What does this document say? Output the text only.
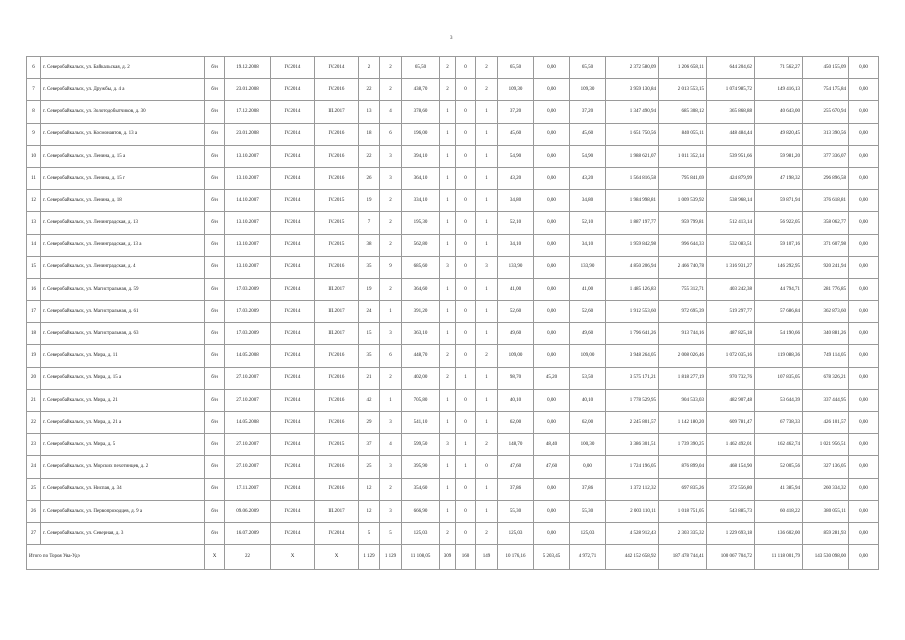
3
6	г. Северобайкальск, ул. Байкальская, д. 2	б/н	19.12.2008	IV.2014	IV.2014	2	2	65,50	2	0	2	65,50	0,00	65,50	2 372 580,09	1 206 658,11	644 204,62	71 562,27	450 155,09	0,00
7	г. Северобайкальск, ул. Дружбы, д. 4 а	б/н	23.01.2008	IV.2014	IV.2016	22	2	438,70	2	0	2	109,30	0,00	109,30	3 959 130,84	2 013 553,15	1 074 985,72	149 416,13	754 175,84	0,00
8	г. Северобайкальск, ул. Золотодобытчиков, д. 30	б/н	17.12.2008	IV.2014	III.2017	13	4	378,60	1	0	1	37,20	0,00	37,20	1 347 490,94	685 308,12	365 868,88	40 643,00	255 670,94	0,00
9	г. Северобайкальск, ул. Космонавтов, д. 13 а	б/н	23.01.2008	IV.2014	IV.2016	18	6	196,00	1	0	1	45,60	0,00	45,60	1 651 750,56	840 055,11	448 484,44	49 820,45	313 390,56	0,00
10	г. Северобайкальск, ул. Ленина, д. 15 а	б/н	13.10.2007	IV.2014	IV.2016	22	3	394,10	1	0	1	54,90	0,00	54,90	1 988 621,07	1 011 352,14	539 951,66	59 981,20	377 336,07	0,00
11	г. Северобайкальск, ул. Ленина, д. 15 г	б/н	13.10.2007	IV.2014	IV.2016	26	3	364,10	1	0	1	43,20	0,00	43,20	1 564 816,58	795 841,69	424 879,99	47 198,32	296 896,58	0,00
12	г. Северобайкальск, ул. Ленина, д. 18	б/н	14.10.2007	IV.2014	IV.2015	19	2	334,10	1	0	1	34,80	0,00	34,80	1 984 998,81	1 009 539,92	538 968,14	59 871,94	376 618,81	0,00
13	г. Северобайкальск, ул. Ленинградская, д. 13	б/н	13.10.2007	IV.2014	IV.2015	7	2	195,30	1	0	1	52,10	0,00	52,10	1 887 197,77	959 799,81	512 413,14	56 922,05	358 062,77	0,00
14	г. Северобайкальск, ул. Ленинградская, д. 13 а	б/н	13.10.2007	IV.2014	IV.2015	38	2	562,80	1	0	1	34,10	0,00	34,10	1 959 842,98	996 644,33	532 083,51	59 107,16	371 607,98	0,00
15	г. Северобайкальск, ул. Ленинградская, д. 4	б/н	13.10.2007	IV.2014	IV.2016	35	9	685,60	3	0	3	133,90	0,00	133,90	4 850 206,94	2 466 740,78	1 316 931,27	146 292,95	920 241,94	0,00
16	г. Северобайкальск, ул. Магистральная, д. 59	б/н	17.03.2009	IV.2014	III.2017	19	2	364,60	1	0	1	41,00	0,00	41,00	1 485 126,83	755 312,71	403 242,38	44 794,71	281 776,85	0,00
17	г. Северобайкальск, ул. Магистральная, д. 61	б/н	17.03.2009	IV.2014	III.2017	24	1	391,20	1	0	1	52,60	0,00	52,60	1 912 553,60	972 695,39	519 297,77	57 686,84	362 873,60	0,00
18	г. Северобайкальск, ул. Магистральная, д. 63	б/н	17.03.2009	IV.2014	III.2017	15	3	363,10	1	0	1	49,60	0,00	49,60	1 796 641,26	913 744,16	487 825,18	54 190,66	340 881,26	0,00
19	г. Северобайкальск, ул. Мира, д. 11	б/н	14.05.2008	IV.2014	IV.2016	35	6	448,70	2	0	2	109,00	0,00	109,00	3 948 264,05	2 008 026,46	1 072 035,16	119 088,36	749 114,05	0,00
20	г. Северобайкальск, ул. Мира, д. 15 а	б/н	27.10.2007	IV.2014	IV.2016	21	2	402,00	2	1	1	98,70	45,20	53,50	3 575 171,21	1 818 277,19	970 732,76	107 835,05	678 326,21	0,00
21	г. Северобайкальск, ул. Мира, д. 21	б/н	27.10.2007	IV.2014	IV.2016	42	1	705,80	1	0	1	40,10	0,00	40,10	1 778 529,95	904 533,03	482 907,48	53 644,39	337 444,95	0,00
22	г. Северобайкальск, ул. Мира, д. 21 а	б/н	14.05.2008	IV.2014	IV.2016	29	3	541,10	1	0	1	62,00	0,00	62,00	2 245 801,57	1 142 180,20	609 781,47	67 738,33	426 101,57	0,00
23	г. Северобайкальск, ул. Мира, д. 5	б/н	27.10.2007	IV.2014	IV.2015	37	4	599,50	3	1	2	148,70	48,40	100,30	3 386 301,51	1 739 390,25	1 462 492,01	162 462,74	1 021 956,51	0,00
24	г. Северобайкальск, ул. Морских пехотинцев, д. 2	б/н	27.10.2007	IV.2014	IV.2016	25	3	395,90	1	1	0	47,60	47,60	0,00	1 724 196,05	876 899,04	468 154,90	52 005,56	327 136,05	0,00
25	г. Северобайкальск, ул. Ниспая, д. 34	б/н	17.11.2007	IV.2014	IV.2016	12	2	354,60	1	0	1	37,86	0,00	37,86	1 372 112,32	697 835,26	372 556,80	41 385,94	260 334,32	0,00
26	г. Северобайкальск, ул. Первопроходцев, д. 9 а	б/н	09.06.2009	IV.2014	III.2017	12	3	666,90	1	0	1	55,30	0,00	55,30	2 003 110,11	1 018 751,05	543 885,73	60 418,22	380 055,11	0,00
27	г. Северобайкальск, ул. Северная, д. 3	б/н	16.07.2009	IV.2014	IV.2014	5	5	125,03	2	0	2	125,03	0,00	125,03	4 528 912,43	2 303 335,32	1 229 693,18	136 602,00	859 281,93	0,00
Итого по Тороя Ува-Удэ		Х	22	Х	Х	1 129	1 129	11 108,05	309	160	149	10 176,16	5 203,45	4 972,71	442 152 658,92	187 478 744,41	100 067 704,72	11 118 001,79	143 530 098,00	0,00
